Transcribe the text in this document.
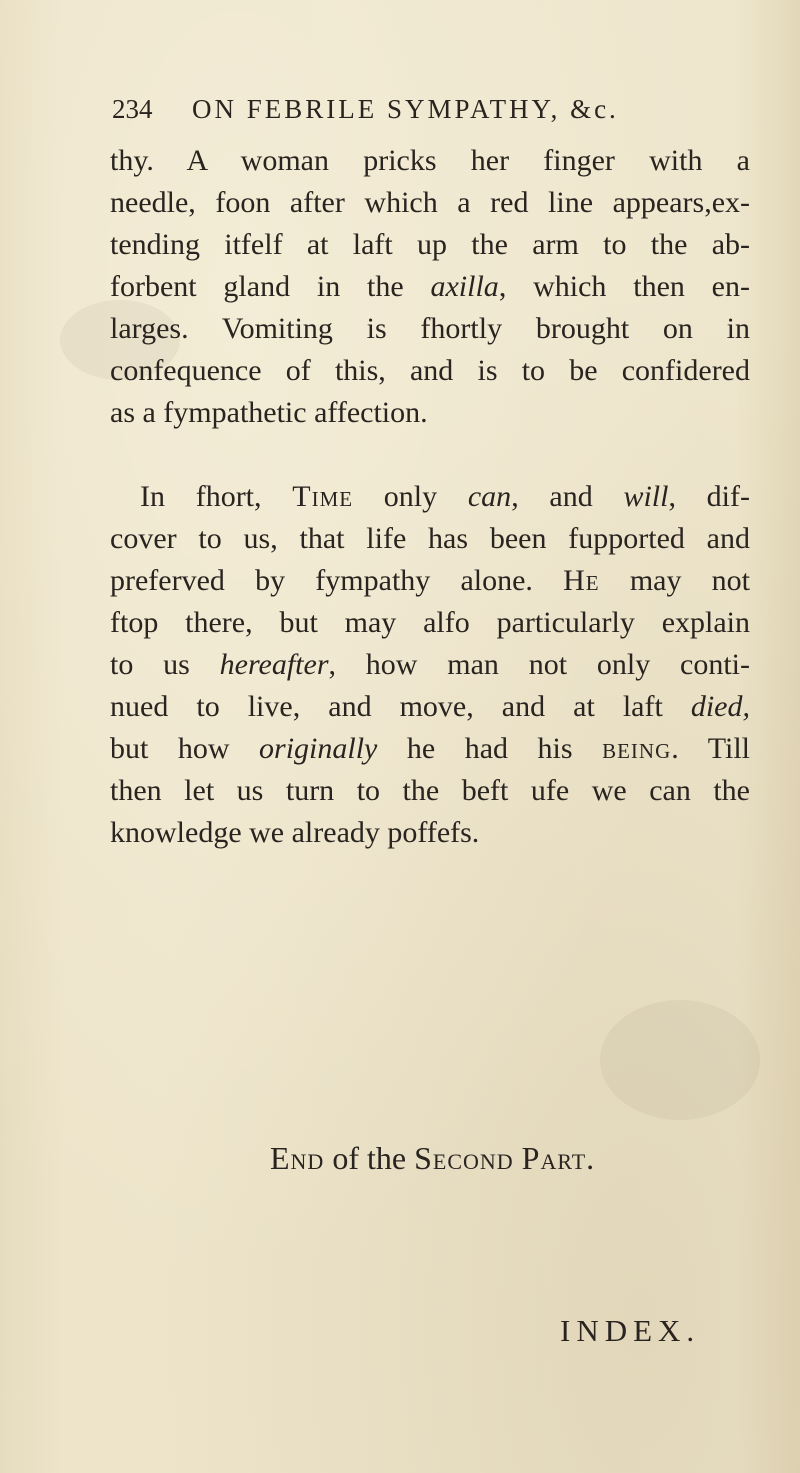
234 ON FEBRILE SYMPATHY, &c.
thy. A woman pricks her finger with a
needle, foon after which a red line appears,ex-
tending itfelf at laft up the arm to the ab-
forbent gland in the axilla, which then en-
larges. Vomiting is fhortly brought on in
confequence of this, and is to be confidered
as a fympathetic affection.
In fhort, Time only can, and will, dif-
cover to us, that life has been fupported and
preferved by fympathy alone. He may not
ftop there, but may alfo particularly explain
to us hereafter, how man not only conti-
nued to live, and move, and at laft died,
but how originally he had his being. Till
then let us turn to the beft ufe we can the
knowledge we already poffefs.
End of the Second Part.
INDEX.
